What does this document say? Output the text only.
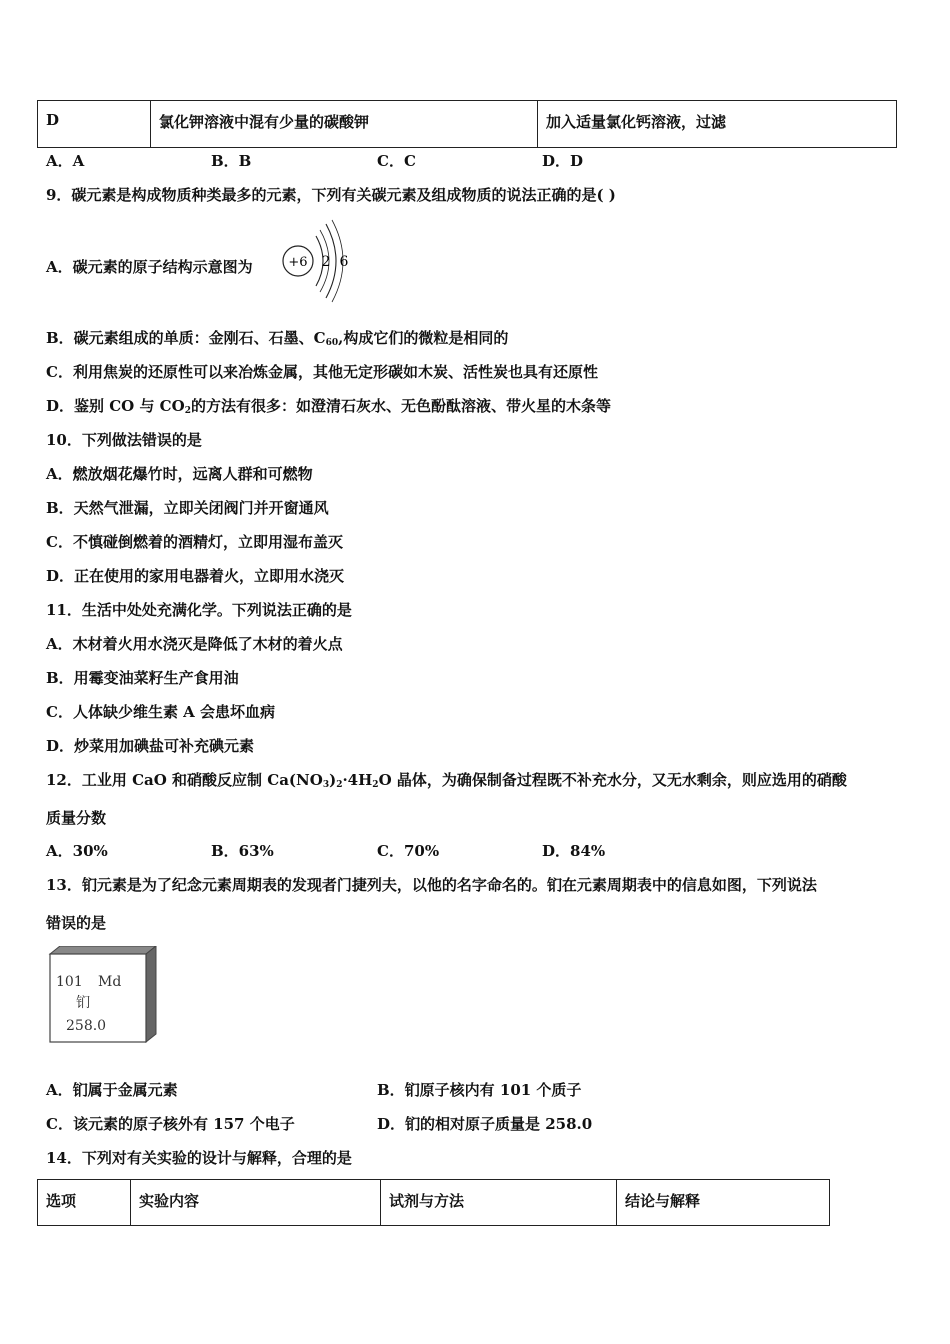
D	氯化钾溶液中混有少量的碳酸钾	加入适量氯化钙溶液，过滤
A．A	B．B	C．C	D．D
9．碳元素是构成物质种类最多的元素，下列有关碳元素及组成物质的说法正确的是( )
A．碳元素的原子结构示意图为	+6 2 6
B．碳元素组成的单质：金刚石、石墨、$C_{60}$,构成它们的微粒是相同的
C．利用焦炭的还原性可以来冶炼金属，其他无定形碳如木炭、活性炭也具有还原性
D．鉴别 CO 与 $CO_2$的方法有很多：如澄清石灰水、无色酚酞溶液、带火星的木条等
10．下列做法错误的是
A．燃放烟花爆竹时，远离人群和可燃物
B．天然气泄漏，立即关闭阀门并开窗通风
C．不慎碰倒燃着的酒精灯，立即用湿布盖灭
D．正在使用的家用电器着火，立即用水浇灭
11．生活中处处充满化学。下列说法正确的是
A．木材着火用水浇灭是降低了木材的着火点
B．用霉变油菜籽生产食用油
C．人体缺少维生素 A 会患坏血病
D．炒菜用加碘盐可补充碘元素
12．工业用 CaO 和硝酸反应制 $Ca(NO_3)_2\cdot 4H_2O$ 晶体，为确保制备过程既不补充水分，又无水剩余，则应选用的硝酸
质量分数
A．30%	B．63%	C．70%	D．84%
13．钔元素是为了纪念元素周期表的发现者门捷列夫，以他的名字命名的。钔在元素周期表中的信息如图，下列说法
错误的是
101 Md
钔
258.0
A．钔属于金属元素	B．钔原子核内有 101 个质子
C．该元素的原子核外有 157 个电子	D．钔的相对原子质量是 258.0
14．下列对有关实验的设计与解释，合理的是
选项	实验内容	试剂与方法	结论与解释
